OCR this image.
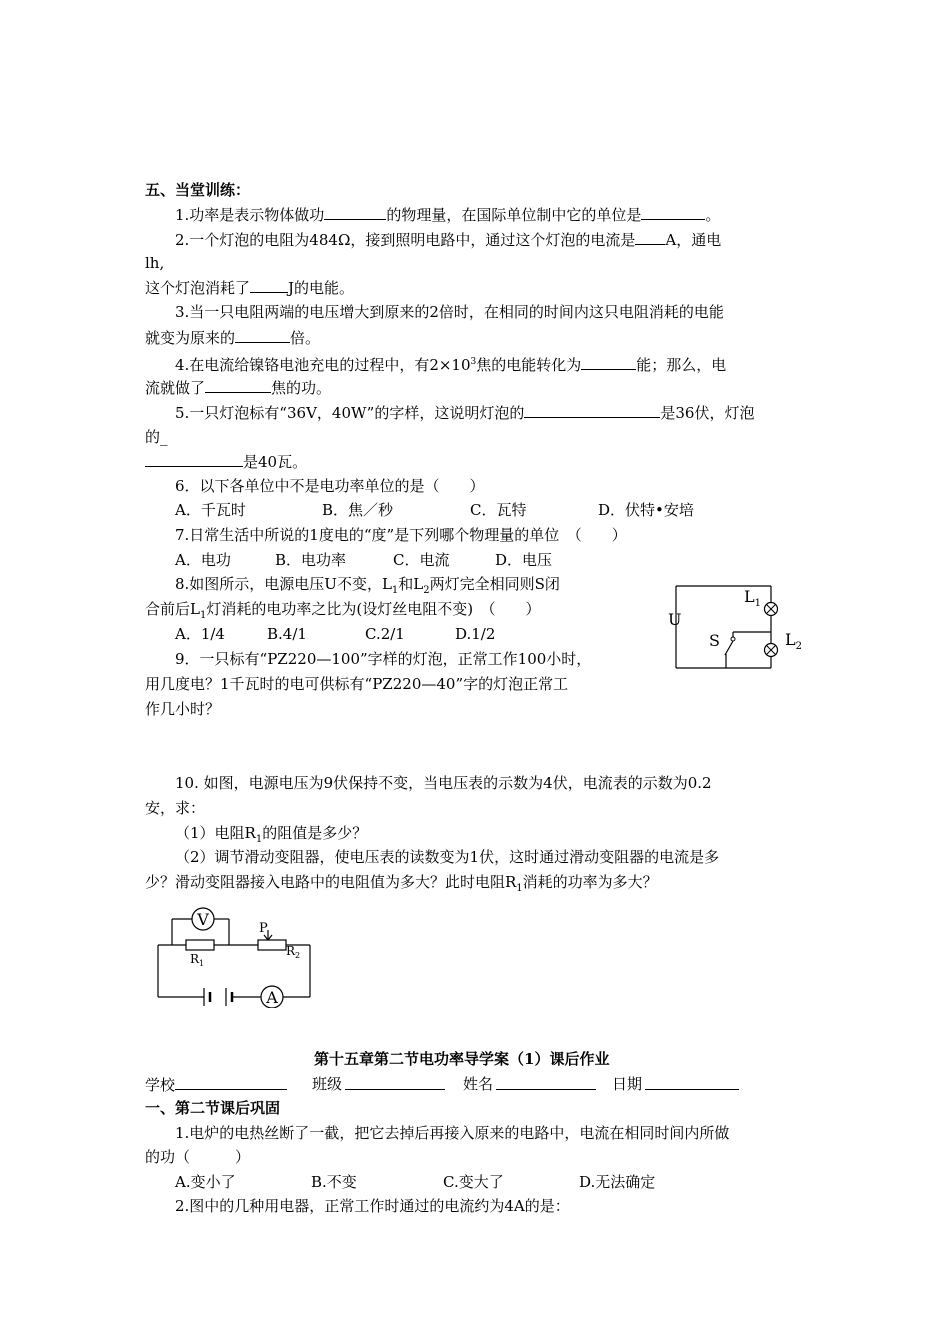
五、当堂训练：
1.功率是表示物体做功	的物理量，在国际单位制中它的单位是	。
2.一个灯泡的电阻为484Ω，接到照明电路中，通过这个灯泡的电流是 A，通电
lh,
这个灯泡消耗了	J的电能。
3.当一只电阻两端的电压增大到原来的2倍时，在相同的时间内这只电阻消耗的电能
就变为原来的	倍。
4.在电流给镍铬电池充电的过程中，有$2\times 10^3$焦的电能转化为	能；那么，电
流就做了	焦的功。
5.一只灯泡标有“36V，40W”的字样，这说明灯泡的	是36伏，灯泡
的_
是40瓦。
6．以下各单位中不是电功率单位的是（　　）
A．千瓦时	B．焦／秒	C．瓦特	D．伏特•安培
7.日常生活中所说的1度电的“度”是下列哪个物理量的单位　（　　）
A．电功	B．电功率	C．电流	D．电压
8.如图所示，电源电压U不变，$L_1$和$L_2$两灯完全相同则S闭
合前后$L_1$灯消耗的电功率之比为(设灯丝电阻不变)　（　　）
A．1/4	B.4/1	C.2/1	D.1/2
9．一只标有“PZ220—100”字样的灯泡，正常工作100小时，
用几度电？1千瓦时的电可供标有“PZ220—40”字的灯泡正常工
作几小时？
U
S
$L_1$
$L_2$
10. 如图，电源电压为9伏保持不变，当电压表的示数为4伏，电流表的示数为0.2
安，求：
（1）电阻$R_1$的阻值是多少？
（2）调节滑动变阻器，使电压表的读数变为1伏，这时通过滑动变阻器的电流是多
少？滑动变阻器接入电路中的电阻值为多大？此时电阻$R_1$消耗的功率为多大？
V
A
P
$R_1$
$R_2$
第十五章第二节电功率导学案（1）课后作业
学校	班级	姓名	日期
一、第二节课后巩固
1.电炉的电热丝断了一截，把它去掉后再接入原来的电路中，电流在相同时间内所做
的功（　　　）
A.变小了	B.不变	C.变大了	D.无法确定
2.图中的几种用电器，正常工作时通过的电流约为4A的是：
